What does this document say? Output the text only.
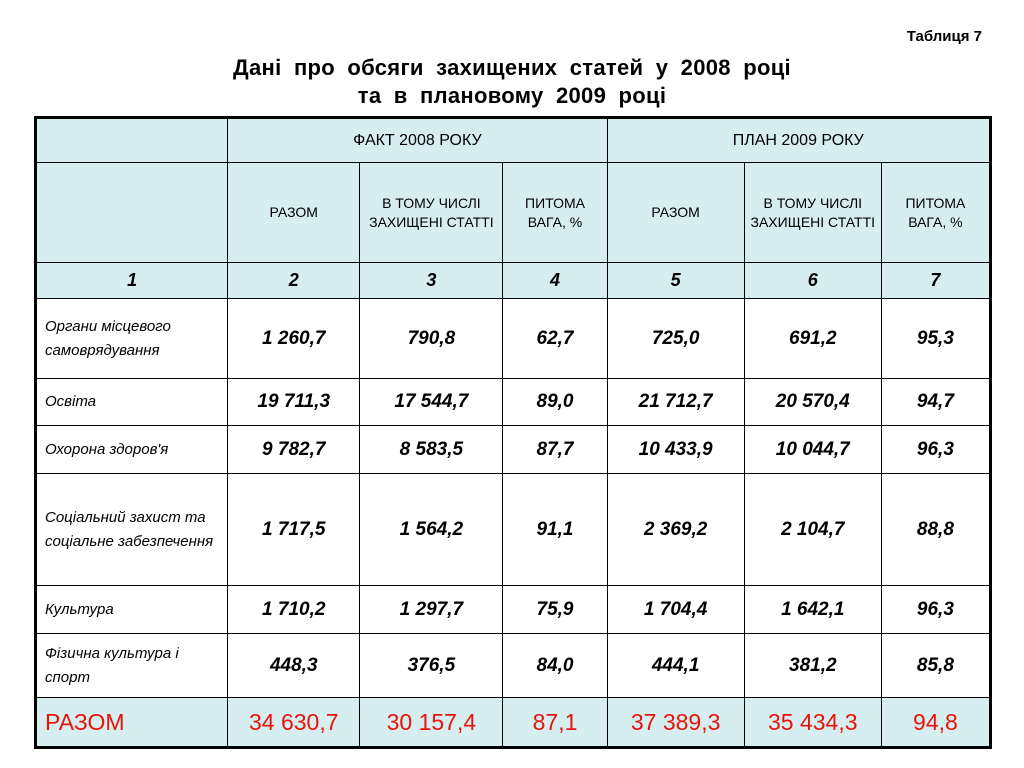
Таблиця 7
Дані про обсяги захищених статей у 2008 році
та в плановому 2009 році
	ФАКТ 2008 РОКУ			ПЛАН 2009 РОКУ		
	РАЗОМ	В ТОМУ ЧИСЛІ ЗАХИЩЕНІ СТАТТІ	ПИТОМА ВАГА, %	РАЗОМ	В ТОМУ ЧИСЛІ ЗАХИЩЕНІ СТАТТІ	ПИТОМА ВАГА, %
1	2	3	4	5	6	7
Органи місцевого самоврядування	1 260,7	790,8	62,7	725,0	691,2	95,3
Освіта	19 711,3	17 544,7	89,0	21 712,7	20 570,4	94,7
Охорона здоров'я	9 782,7	8 583,5	87,7	10 433,9	10 044,7	96,3
Соціальний захист та соціальне забезпечення	1 717,5	1 564,2	91,1	2 369,2	2 104,7	88,8
Культура	1 710,2	1 297,7	75,9	1 704,4	1 642,1	96,3
Фізична культура і спорт	448,3	376,5	84,0	444,1	381,2	85,8
РАЗОМ	34 630,7	30 157,4	87,1	37 389,3	35 434,3	94,8
